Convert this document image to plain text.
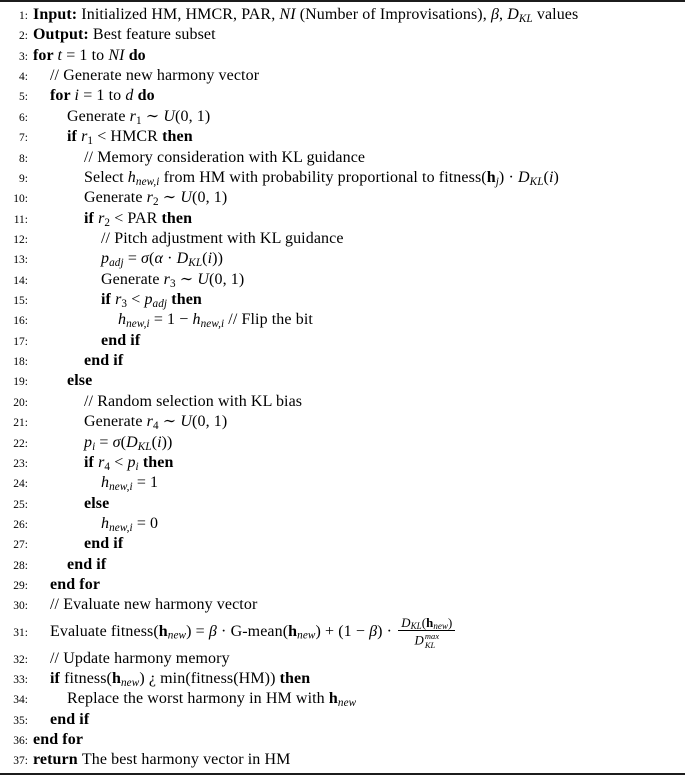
1: Input: Initialized HM, HMCR, PAR, NI (Number of Improvisations), β, DKL values
2: Output: Best feature subset
3: for t = 1 to NI do
4:	// Generate new harmony vector
5:	for i = 1 to d do
6:	Generate r1 ∼ U(0, 1)
7:	if r1 < HMCR then
8:	// Memory consideration with KL guidance
9:	Select hnew,i from HM with probability proportional to fitness(hj) · DKL(i)
10:	Generate r2 ∼ U(0, 1)
11:	if r2 < PAR then
12:	// Pitch adjustment with KL guidance
13:	padj = σ(α · DKL(i))
14:	Generate r3 ∼ U(0, 1)
15:	if r3 < padj then
16:	hnew,i = 1 − hnew,i // Flip the bit
17:	end if
18:	end if
19:	else
20:	// Random selection with KL bias
21:	Generate r4 ∼ U(0, 1)
22:	pi = σ(DKL(i))
23:	if r4 < pi then
24:	hnew,i = 1
25:	else
26:	hnew,i = 0
27:	end if
28:	end if
29:	end for
30:	// Evaluate new harmony vector
31:	Evaluate fitness(hnew) = β · G-mean(hnew) + (1 − β) · DKL(hnew)
D max
KL
32:	// Update harmony memory
33:	if fitness(hnew) ¿ min(fitness(HM)) then
34:	Replace the worst harmony in HM with hnew
35:	end if
36: end for
37: return The best harmony vector in HM
